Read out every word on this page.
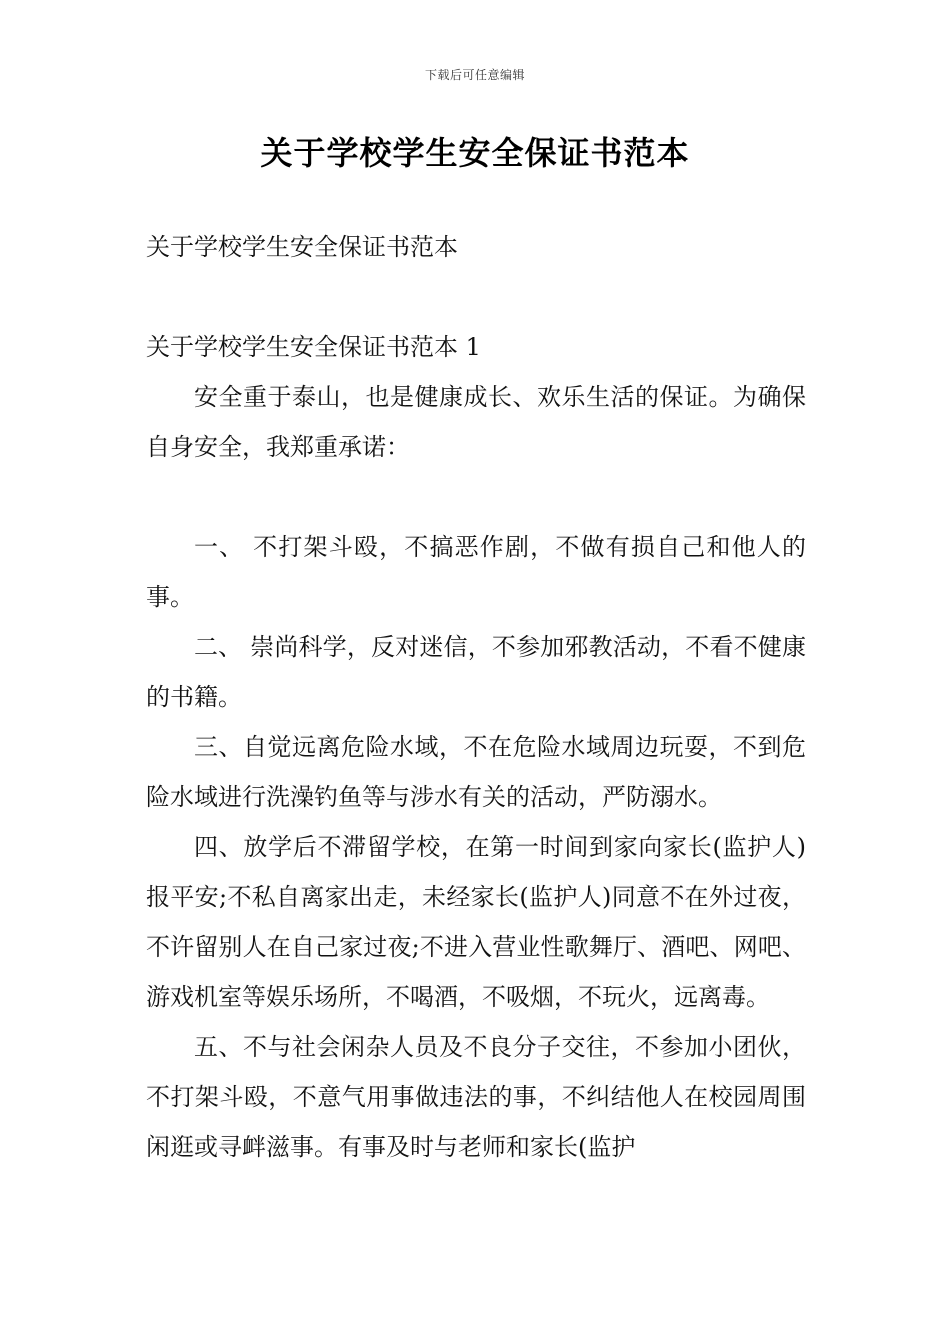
下载后可任意编辑
关于学校学生安全保证书范本

关于学校学生安全保证书范本

关于学校学生安全保证书范本 1

安全重于泰山，也是健康成长、欢乐生活的保证。为确保自身安全，我郑重承诺：

一、 不打架斗殴，不搞恶作剧，不做有损自己和他人的事。

二、 崇尚科学，反对迷信，不参加邪教活动，不看不健康的书籍。

三、自觉远离危险水域，不在危险水域周边玩耍，不到危险水域进行洗澡钓鱼等与涉水有关的活动，严防溺水。

四、放学后不滞留学校，在第一时间到家向家长(监护人)报平安;不私自离家出走，未经家长(监护人)同意不在外过夜，不许留别人在自己家过夜;不进入营业性歌舞厅、酒吧、网吧、游戏机室等娱乐场所，不喝酒，不吸烟，不玩火，远离毒。

五、不与社会闲杂人员及不良分子交往，不参加小团伙，不打架斗殴，不意气用事做违法的事，不纠结他人在校园周围闲逛或寻衅滋事。有事及时与老师和家长(监护
